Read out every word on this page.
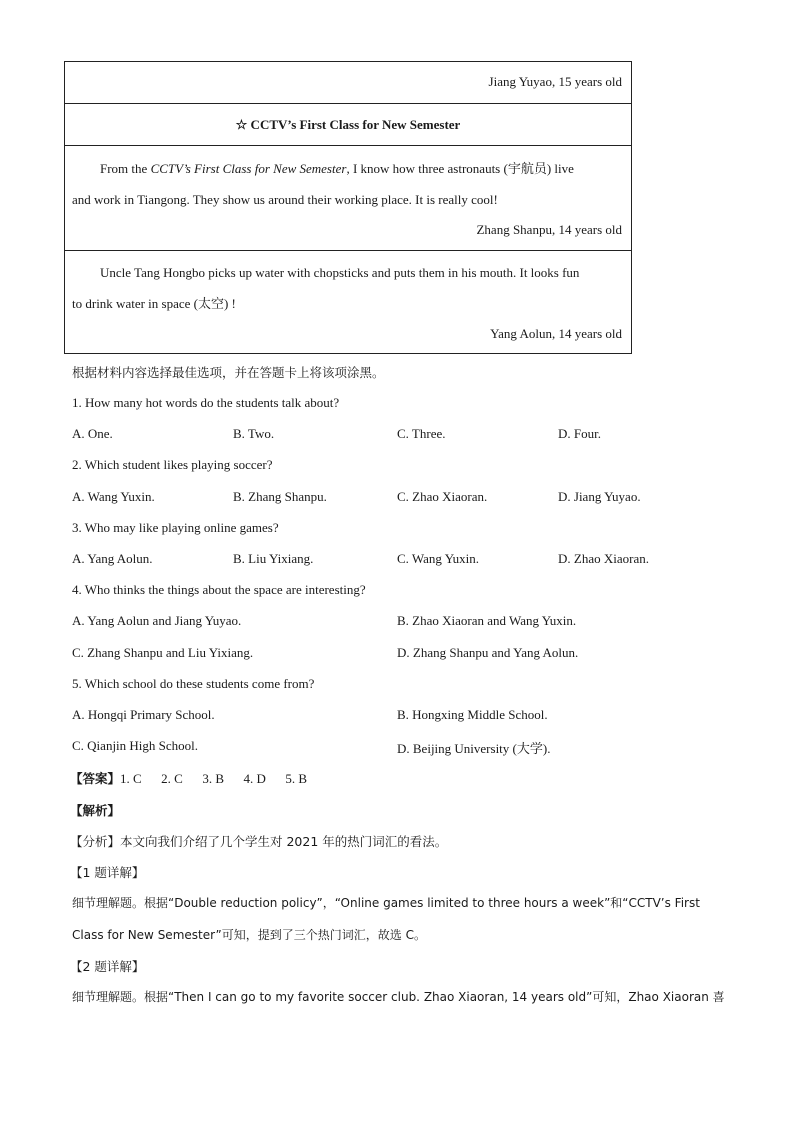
Jiang Yuyao, 15 years old
☆ CCTV’s First Class for New Semester
From the CCTV’s First Class for New Semester, I know how three astronauts (宇航员) live
and work in Tiangong. They show us around their working place. It is really cool!
Zhang Shanpu, 14 years old
Uncle Tang Hongbo picks up water with chopsticks and puts them in his mouth. It looks fun
to drink water in space (太空) !
Yang Aolun, 14 years old
根据材料内容选择最佳选项，并在答题卡上将该项涂黑。
1. How many hot words do the students talk about?
A. One.	B. Two.	C. Three.	D. Four.
2. Which student likes playing soccer?
A. Wang Yuxin.	B. Zhang Shanpu.	C. Zhao Xiaoran.	D. Jiang Yuyao.
3. Who may like playing online games?
A. Yang Aolun.	B. Liu Yixiang.	C. Wang Yuxin.	D. Zhao Xiaoran.
4. Who thinks the things about the space are interesting?
A. Yang Aolun and Jiang Yuyao.	B. Zhao Xiaoran and Wang Yuxin.
C. Zhang Shanpu and Liu Yixiang.	D. Zhang Shanpu and Yang Aolun.
5. Which school do these students come from?
A. Hongqi Primary School.	B. Hongxing Middle School.
C. Qianjin High School.	D. Beijing University (大学).
【答案】1. C      2. C      3. B      4. D      5. B
【解析】
【分析】本文向我们介绍了几个学生对 2021 年的热门词汇的看法。
【1 题详解】
细节理解题。根据“Double reduction policy”，“Online games limited to three hours a week”和“CCTV’s First
Class for New Semester”可知，提到了三个热门词汇，故选 C。
【2 题详解】
细节理解题。根据“Then I can go to my favorite soccer club. Zhao Xiaoran, 14 years old”可知，Zhao Xiaoran 喜
